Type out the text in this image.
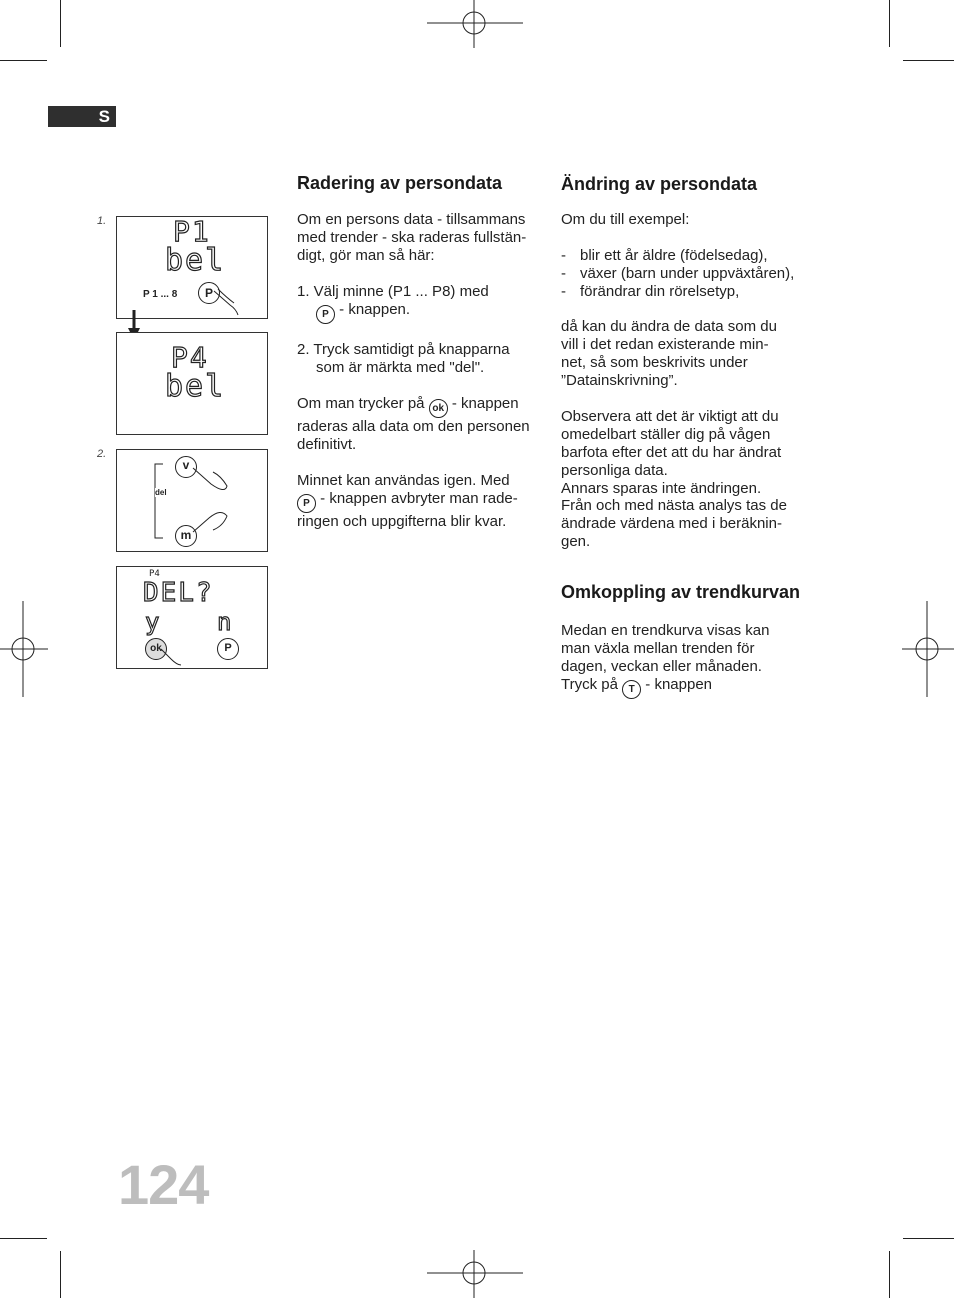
S
Radering av persondata

Om en persons data - tillsammans

med trender - ska raderas fullstän-

digt, gör man så här:

1. Välj minne (P1 ... P8) med

P - knappen.

2. Tryck samtidigt på knapparna

som är märkta med "del".

Om man trycker på ok - knappen

raderas alla data om den personen

definitivt.

Minnet kan användas igen. Med

P - knappen avbryter man rade-

ringen och uppgifterna blir kvar.

Ändring av persondata

Om du till exempel:

- blir ett år äldre (födelsedag),

- växer (barn under uppväxtåren),

- förändrar din rörelsetyp,

då kan du ändra de data som du

vill i det redan existerande min-

net, så som beskrivits under

”Datainskrivning”.

Observera att det är viktigt att du

omedelbart ställer dig på vågen

barfota efter det att du har ändrat

personliga data.

Annars sparas inte ändringen.

Från och med nästa analys tas de

ändrade värdena med i beräknin-

gen.

Omkoppling av trendkurvan

Medan en trendkurva visas kan

man växla mellan trenden för

dagen, veckan eller månaden.

Tryck på T - knappen

1.
2.
P1
bel
P 1 ... 8	P
P4
bel
del
v
m
P4
DEL?
y n
ok	P
124
